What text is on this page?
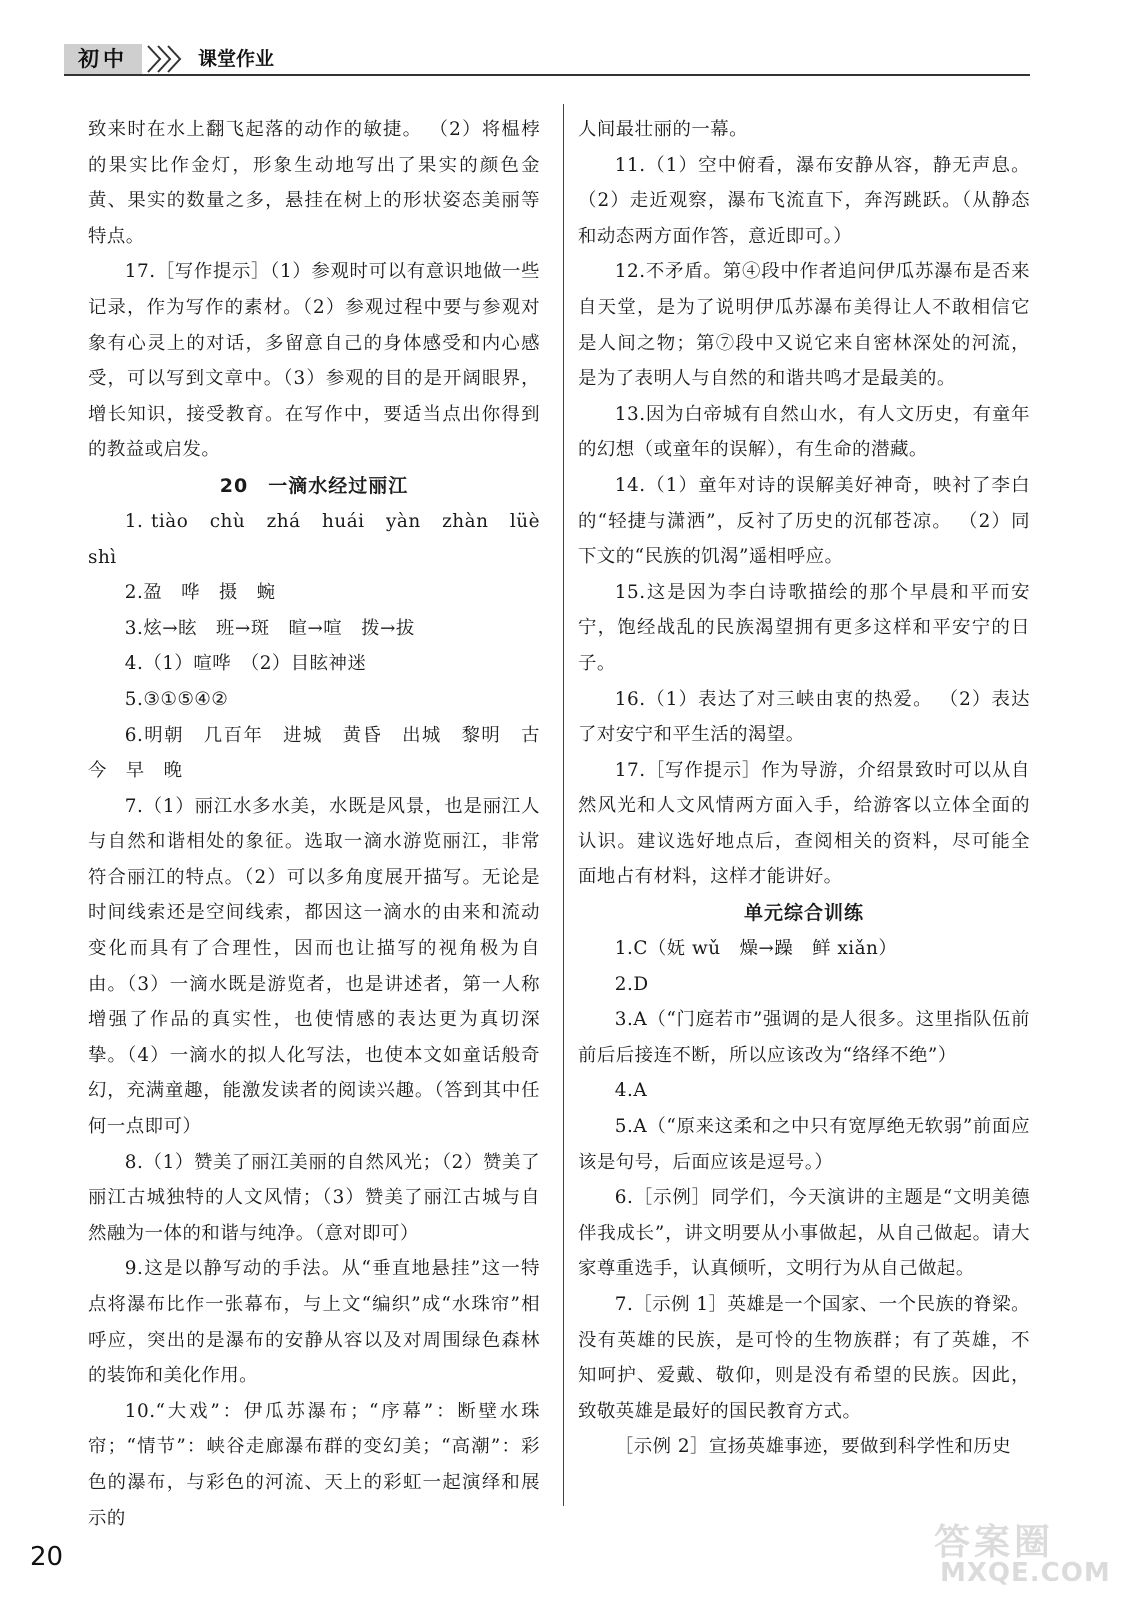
初中	课堂作业

致来时在水上翻飞起落的动作的敏捷。 （2）将榅桲的果实比作金灯，形象生动地写出了果实的颜色金黄、果实的数量之多，悬挂在树上的形状姿态美丽等特点。

17.［写作提示］（1）参观时可以有意识地做一些记录，作为写作的素材。（2）参观过程中要与参观对象有心灵上的对话，多留意自己的身体感受和内心感受，可以写到文章中。（3）参观的目的是开阔眼界，增长知识，接受教育。在写作中，要适当点出你得到的教益或启发。

20　一滴水经过丽江

1. tiào　chù　zhá　huái　yàn　zhàn　lüè shì

2.盈　哗　摄　蜿

3.炫→眩　班→斑　暄→喧　拨→拔

4.（1）喧哗　（2）目眩神迷

5.③①⑤④②

6.明朝　几百年　进城　黄昏　出城　黎明　古　今　早　晚

7.（1）丽江水多水美，水既是风景，也是丽江人与自然和谐相处的象征。选取一滴水游览丽江，非常符合丽江的特点。（2）可以多角度展开描写。无论是时间线索还是空间线索，都因这一滴水的由来和流动变化而具有了合理性，因而也让描写的视角极为自由。（3）一滴水既是游览者，也是讲述者，第一人称增强了作品的真实性，也使情感的表达更为真切深挚。（4）一滴水的拟人化写法，也使本文如童话般奇幻，充满童趣，能激发读者的阅读兴趣。（答到其中任何一点即可）

8.（1）赞美了丽江美丽的自然风光；（2）赞美了丽江古城独特的人文风情；（3）赞美了丽江古城与自然融为一体的和谐与纯净。（意对即可）

9.这是以静写动的手法。从“垂直地悬挂”这一特点将瀑布比作一张幕布，与上文“编织”成“水珠帘”相呼应，突出的是瀑布的安静从容以及对周围绿色森林的装饰和美化作用。

10.“大戏”：伊瓜苏瀑布；“序幕”：断壁水珠帘；“情节”：峡谷走廊瀑布群的变幻美；“高潮”：彩色的瀑布，与彩色的河流、天上的彩虹一起演绎和展示的

人间最壮丽的一幕。

11.（1）空中俯看，瀑布安静从容，静无声息。（2）走近观察，瀑布飞流直下，奔泻跳跃。（从静态和动态两方面作答，意近即可。）

12.不矛盾。第④段中作者追问伊瓜苏瀑布是否来自天堂，是为了说明伊瓜苏瀑布美得让人不敢相信它是人间之物；第⑦段中又说它来自密林深处的河流，是为了表明人与自然的和谐共鸣才是最美的。

13.因为白帝城有自然山水，有人文历史，有童年的幻想（或童年的误解），有生命的潜藏。

14.（1）童年对诗的误解美好神奇，映衬了李白的“轻捷与潇洒”，反衬了历史的沉郁苍凉。 （2）同下文的“民族的饥渴”遥相呼应。

15.这是因为李白诗歌描绘的那个早晨和平而安宁，饱经战乱的民族渴望拥有更多这样和平安宁的日子。

16.（1）表达了对三峡由衷的热爱。 （2）表达了对安宁和平生活的渴望。

17.［写作提示］作为导游，介绍景致时可以从自然风光和人文风情两方面入手，给游客以立体全面的认识。建议选好地点后，查阅相关的资料，尽可能全面地占有材料，这样才能讲好。

单元综合训练

1.C（妩 wǔ　燥→躁　鲜 xiǎn）

2.D

3.A（“门庭若市”强调的是人很多。这里指队伍前前后后接连不断，所以应该改为“络绎不绝”）

4.A

5.A（“原来这柔和之中只有宽厚绝无软弱”前面应该是句号，后面应该是逗号。）

6.［示例］同学们，今天演讲的主题是“文明美德伴我成长”，讲文明要从小事做起，从自己做起。请大家尊重选手，认真倾听，文明行为从自己做起。

7.［示例 1］英雄是一个国家、一个民族的脊梁。没有英雄的民族，是可怜的生物族群；有了英雄，不知呵护、爱戴、敬仰，则是没有希望的民族。因此，致敬英雄是最好的国民教育方式。

［示例 2］宣扬英雄事迹，要做到科学性和历史

20	答案圈
MXQE.COM
